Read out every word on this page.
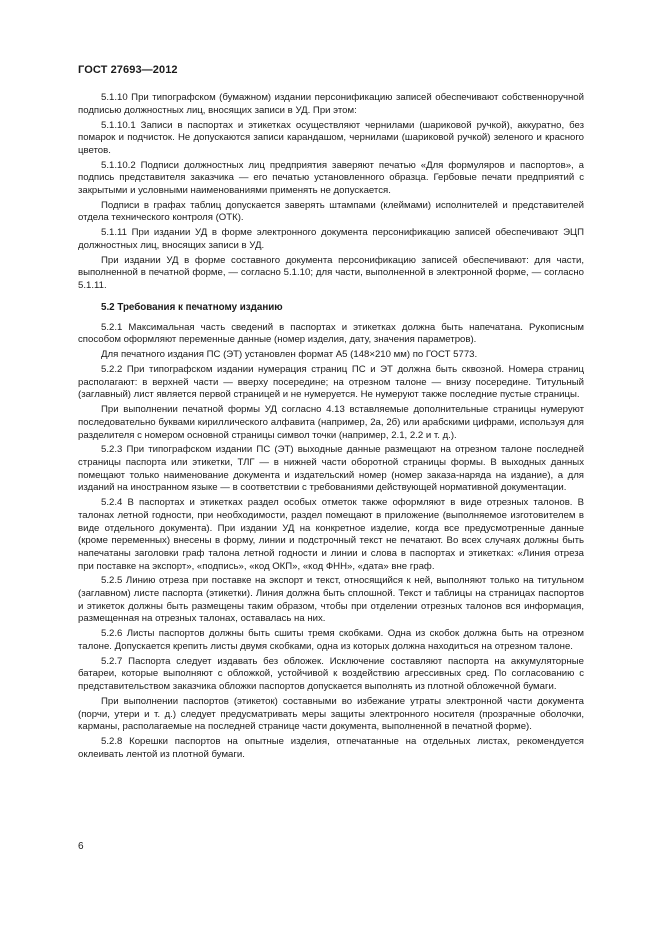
ГОСТ 27693—2012

5.1.10 При типографском (бумажном) издании персонификацию записей обеспечивают собственноручной подписью должностных лиц, вносящих записи в УД. При этом:

5.1.10.1 Записи в паспортах и этикетках осуществляют чернилами (шариковой ручкой), аккуратно, без помарок и подчисток. Не допускаются записи карандашом, чернилами (шариковой ручкой) зеленого и красного цветов.

5.1.10.2 Подписи должностных лиц предприятия заверяют печатью «Для формуляров и паспортов», а подпись представителя заказчика — его печатью установленного образца. Гербовые печати предприятий с закрытыми и условными наименованиями применять не допускается.

Подписи в графах таблиц допускается заверять штампами (клеймами) исполнителей и представителей отдела технического контроля (ОТК).

5.1.11 При издании УД в форме электронного документа персонификацию записей обеспечивают ЭЦП должностных лиц, вносящих записи в УД.

При издании УД в форме составного документа персонификацию записей обеспечивают: для части, выполненной в печатной форме, — согласно 5.1.10; для части, выполненной в электронной форме, — согласно 5.1.11.

5.2 Требования к печатному изданию

5.2.1 Максимальная часть сведений в паспортах и этикетках должна быть напечатана. Рукописным способом оформляют переменные данные (номер изделия, дату, значения параметров).

Для печатного издания ПС (ЭТ) установлен формат А5 (148×210 мм) по ГОСТ 5773.

5.2.2 При типографском издании нумерация страниц ПС и ЭТ должна быть сквозной. Номера страниц располагают: в верхней части — вверху посередине; на отрезном талоне — внизу посередине. Титульный (заглавный) лист является первой страницей и не нумеруется. Не нумеруют также последние пустые страницы.

При выполнении печатной формы УД согласно 4.13 вставляемые дополнительные страницы нумеруют последовательно буквами кириллического алфавита (например, 2а, 2б) или арабскими цифрами, используя для разделителя с номером основной страницы символ точки (например, 2.1, 2.2 и т. д.).

5.2.3 При типографском издании ПС (ЭТ) выходные данные размещают на отрезном талоне последней страницы паспорта или этикетки, ТЛГ — в нижней части оборотной страницы формы. В выходных данных помещают только наименование документа и издательский номер (номер заказа-наряда на издание), а для изданий на иностранном языке — в соответствии с требованиями действующей нормативной документации.

5.2.4 В паспортах и этикетках раздел особых отметок также оформляют в виде отрезных талонов. В талонах летной годности, при необходимости, раздел помещают в приложение (выполняемое изготовителем в виде отдельного документа). При издании УД на конкретное изделие, когда все предусмотренные данные (кроме переменных) внесены в форму, линии и подстрочный текст не печатают. Во всех случаях должны быть напечатаны заголовки граф талона летной годности и линии и слова в паспортах и этикетках: «Линия отреза при поставке на экспорт», «подпись», «код ОКП», «код ФНН», «дата» вне граф.

5.2.5 Линию отреза при поставке на экспорт и текст, относящийся к ней, выполняют только на титульном (заглавном) листе паспорта (этикетки). Линия должна быть сплошной. Текст и таблицы на страницах паспортов и этикеток должны быть размещены таким образом, чтобы при отделении отрезных талонов вся информация, размещенная на отрезных талонах, оставалась на них.

5.2.6 Листы паспортов должны быть сшиты тремя скобками. Одна из скобок должна быть на отрезном талоне. Допускается крепить листы двумя скобками, одна из которых должна находиться на отрезном талоне.

5.2.7 Паспорта следует издавать без обложек. Исключение составляют паспорта на аккумуляторные батареи, которые выполняют с обложкой, устойчивой к воздействию агрессивных сред. По согласованию с представительством заказчика обложки паспортов допускается выполнять из плотной обложечной бумаги.

При выполнении паспортов (этикеток) составными во избежание утраты электронной части документа (порчи, утери и т. д.) следует предусматривать меры защиты электронного носителя (прозрачные оболочки, карманы, располагаемые на последней странице части документа, выполненной в печатной форме).

5.2.8 Корешки паспортов на опытные изделия, отпечатанные на отдельных листах, рекомендуется оклеивать лентой из плотной бумаги.

6
